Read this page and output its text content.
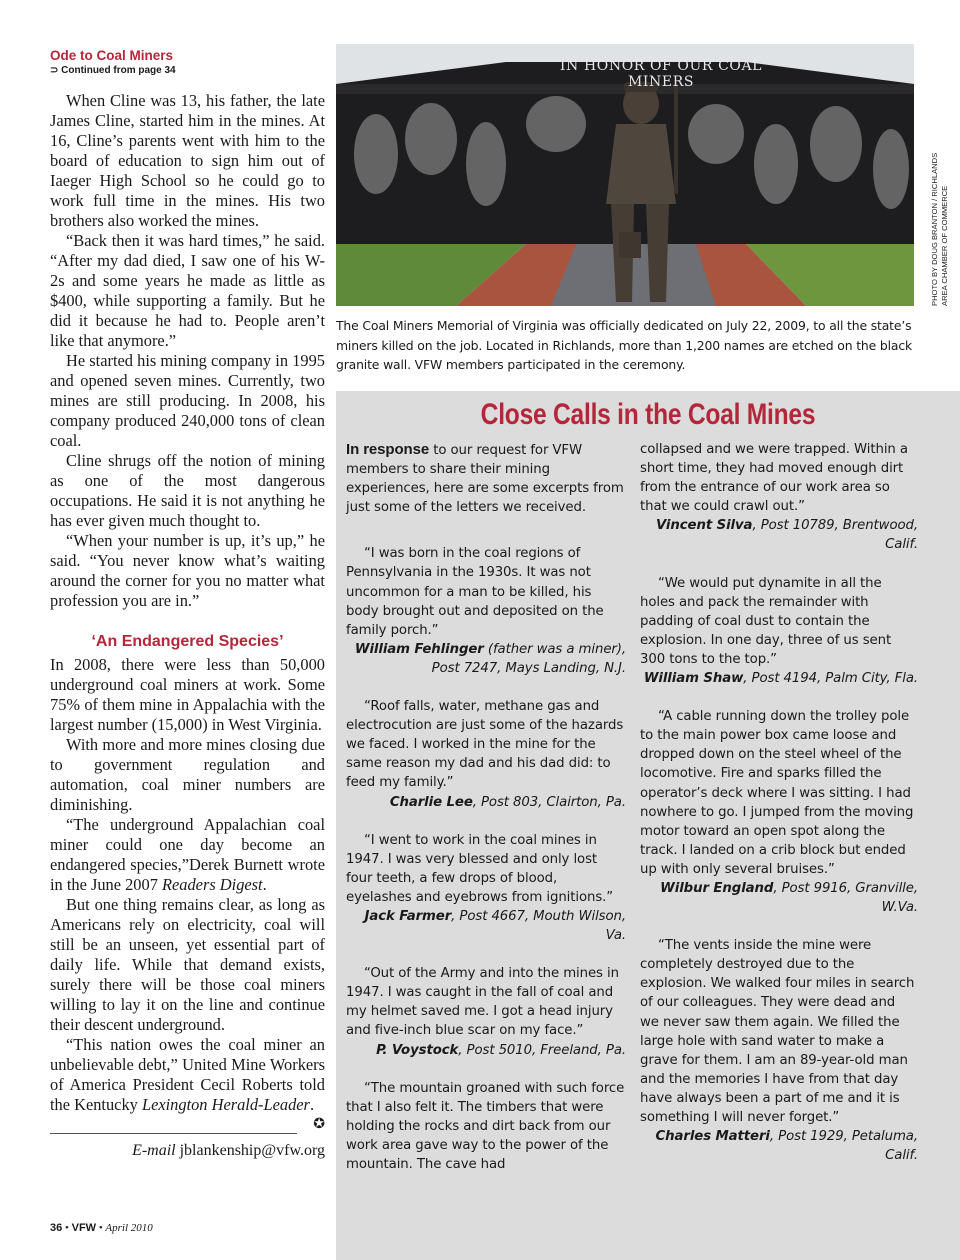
Ode to Coal Miners

⊃ Continued from page 34

When Cline was 13, his father, the late James Cline, started him in the mines. At 16, Cline’s parents went with him to the board of education to sign him out of Iaeger High School so he could go to work full time in the mines. His two brothers also worked the mines.

“Back then it was hard times,” he said. “After my dad died, I saw one of his W-2s and some years he made as little as $400, while supporting a family. But he did it because he had to. People aren’t like that anymore.”

He started his mining company in 1995 and opened seven mines. Currently, two mines are still producing. In 2008, his company produced 240,000 tons of clean coal.

Cline shrugs off the notion of mining as one of the most dangerous occupations. He said it is not anything he has ever given much thought to.

“When your number is up, it’s up,” he said. “You never know what’s waiting around the corner for you no matter what profession you are in.”

‘An Endangered Species’

In 2008, there were less than 50,000 underground coal miners at work. Some 75% of them mine in Appalachia with the largest number (15,000) in West Virginia.

With more and more mines closing due to government regulation and automation, coal miner numbers are diminishing.

“The underground Appalachian coal miner could one day become an endangered species,”Derek Burnett wrote in the June 2007 Readers Digest.

But one thing remains clear, as long as Americans rely on electricity, coal will still be an unseen, yet essential part of daily life. While that demand exists, surely there will be those coal miners willing to lay it on the line and continue their descent underground.

“This nation owes the coal miner an unbelievable debt,” United Mine Workers of America President Cecil Roberts told the Kentucky Lexington Herald-Leader.
✪

E-mail jblankenship@vfw.org

IN HONOR OF OUR COAL MINERS
PHOTO BY DOUG BRANTON / RICHLANDS AREA CHAMBER OF COMMERCE

The Coal Miners Memorial of Virginia was officially dedicated on July 22, 2009, to all the state’s miners killed on the job. Located in Richlands, more than 1,200 names are etched on the black granite wall. VFW members participated in the ceremony.

Close Calls in the Coal Mines

In response to our request for VFW members to share their mining experiences, here are some excerpts from just some of the letters we received.

“I was born in the coal regions of Pennsylvania in the 1930s. It was not uncommon for a man to be killed, his body brought out and deposited on the family porch.”

William Fehlinger (father was a miner), Post 7247, Mays Landing, N.J.

“Roof falls, water, methane gas and electrocution are just some of the hazards we faced. I worked in the mine for the same reason my dad and his dad did: to feed my family.”

Charlie Lee, Post 803, Clairton, Pa.

“I went to work in the coal mines in 1947. I was very blessed and only lost four teeth, a few drops of blood, eyelashes and eyebrows from ignitions.”

Jack Farmer, Post 4667, Mouth Wilson, Va.

“Out of the Army and into the mines in 1947. I was caught in the fall of coal and my helmet saved me. I got a head injury and five-inch blue scar on my face.”

P. Voystock, Post 5010, Freeland, Pa.

“The mountain groaned with such force that I also felt it. The timbers that were holding the rocks and dirt back from our work area gave way to the power of the mountain. The cave had

collapsed and we were trapped. Within a short time, they had moved enough dirt from the entrance of our work area so that we could crawl out.”

Vincent Silva, Post 10789, Brentwood, Calif.

“We would put dynamite in all the holes and pack the remainder with padding of coal dust to contain the explosion. In one day, three of us sent 300 tons to the top.”

William Shaw, Post 4194, Palm City, Fla.

“A cable running down the trolley pole to the main power box came loose and dropped down on the steel wheel of the locomotive. Fire and sparks filled the operator’s deck where I was sitting. I had nowhere to go. I jumped from the moving motor toward an open spot along the track. I landed on a crib block but ended up with only several bruises.”

Wilbur England, Post 9916, Granville, W.Va.

“The vents inside the mine were completely destroyed due to the explosion. We walked four miles in search of our colleagues. They were dead and we never saw them again. We filled the large hole with sand water to make a grave for them. I am an 89-year-old man and the memories I have from that day have always been a part of me and it is something I will never forget.”

Charles Matteri, Post 1929, Petaluma, Calif.

36 • VFW • April 2010
